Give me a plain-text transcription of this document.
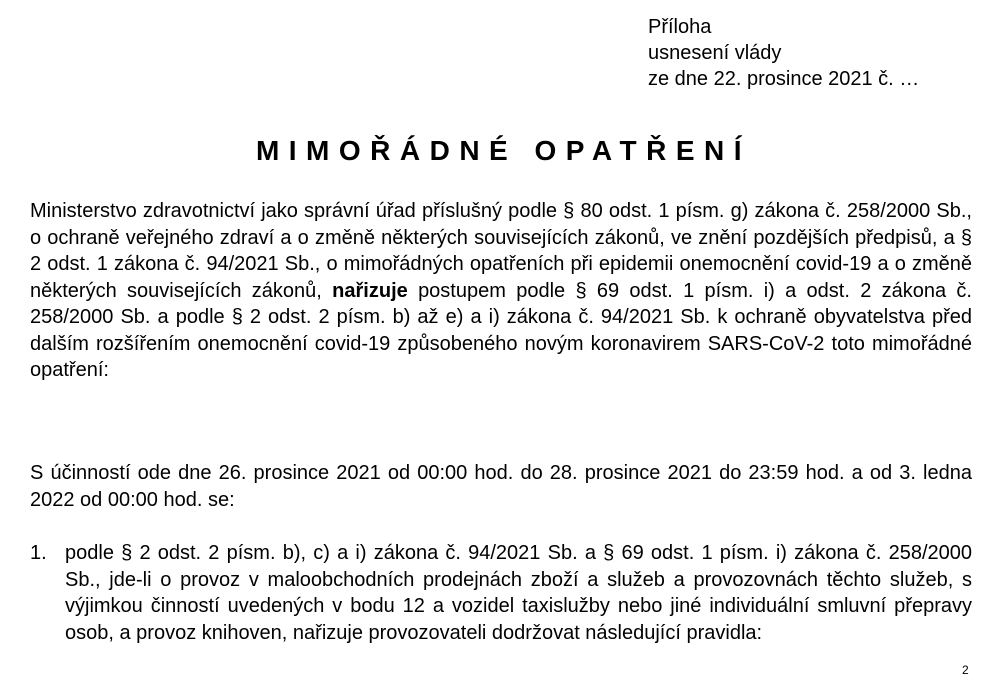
Příloha
usnesení vlády
ze dne 22. prosince 2021 č. …
MIMOŘÁDNÉ OPATŘENÍ
Ministerstvo zdravotnictví jako správní úřad příslušný podle § 80 odst. 1 písm. g) zákona č. 258/2000 Sb., o ochraně veřejného zdraví a o změně některých souvisejících zákonů, ve znění pozdějších předpisů, a § 2 odst. 1 zákona č. 94/2021 Sb., o mimořádných opatřeních při epidemii onemocnění covid-19 a o změně některých souvisejících zákonů, nařizuje postupem podle § 69 odst. 1 písm. i) a odst. 2 zákona č. 258/2000 Sb. a podle § 2 odst. 2 písm. b) až e) a i) zákona č. 94/2021 Sb. k ochraně obyvatelstva před dalším rozšířením onemocnění covid-19 způsobeného novým koronavirem SARS-CoV-2 toto mimořádné opatření:
S účinností ode dne 26. prosince 2021 od 00:00 hod. do 28. prosince 2021 do 23:59 hod. a od 3. ledna 2022 od 00:00 hod. se:
1. podle § 2 odst. 2 písm. b), c) a i) zákona č. 94/2021 Sb. a § 69 odst. 1 písm. i) zákona č. 258/2000 Sb., jde-li o provoz v maloobchodních prodejnách zboží a služeb a provozovnách těchto služeb, s výjimkou činností uvedených v bodu 12 a vozidel taxislužby nebo jiné individuální smluvní přepravy osob, a provoz knihoven, nařizuje provozovateli dodržovat následující pravidla:
2
